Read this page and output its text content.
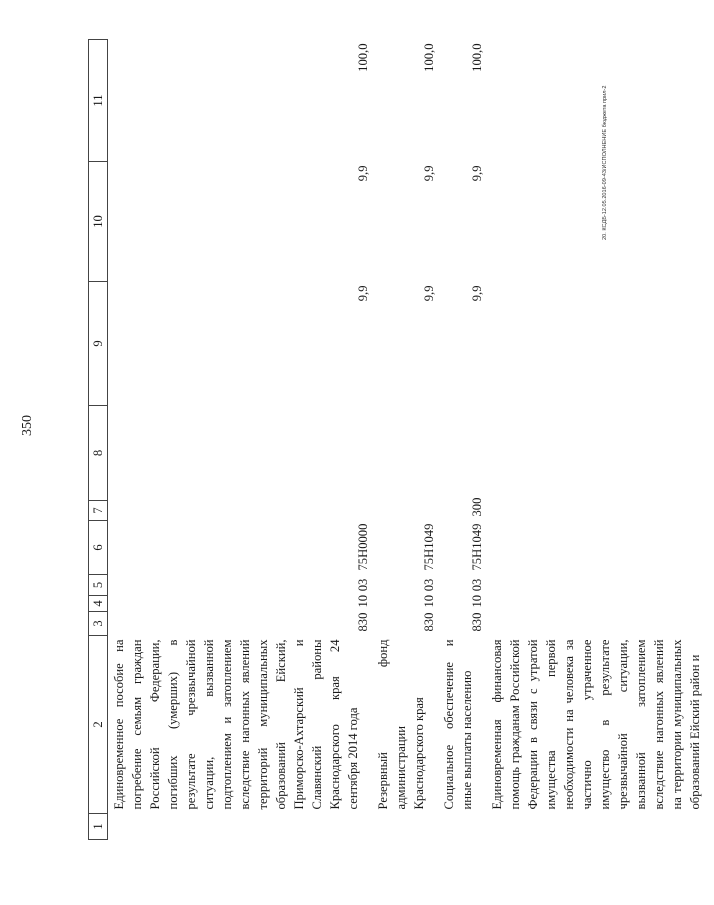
350
1	2	3	4	5	6	7	8	9	10	11
	Единовременное пособие на погребение семьям граждан Российской Федерации, погибших (умерших) в результате чрезвычайной ситуации, вызванной подтоплением и затоплением вследствие нагонных явлений территорий муниципальных образований Ейский, Приморско-Ахтарский и Славянский районы Краснодарского края 24 сентября 2014 года	830	10	03	75Н0000			9,9	9,9	100,0
	Резервный фонд администрации Краснодарского края	830	10	03	75Н1049			9,9	9,9	100,0
	Социальное обеспечение и иные выплаты населению	830	10	03	75Н1049	300		9,9	9,9	100,0
	Единовременная финансовая помощь гражданам Российской Федерации в связи с утратой имущества первой необходимости на человека за частично утраченное имущество в результате чрезвычайной ситуации, вызванной затоплением вследствие нагонных явлений на территории муниципальных образований Ейский район и									
20. КСДБ-12.05.2016-09-43/ИСПОЛНЕНИЕ бюджета прил-2
